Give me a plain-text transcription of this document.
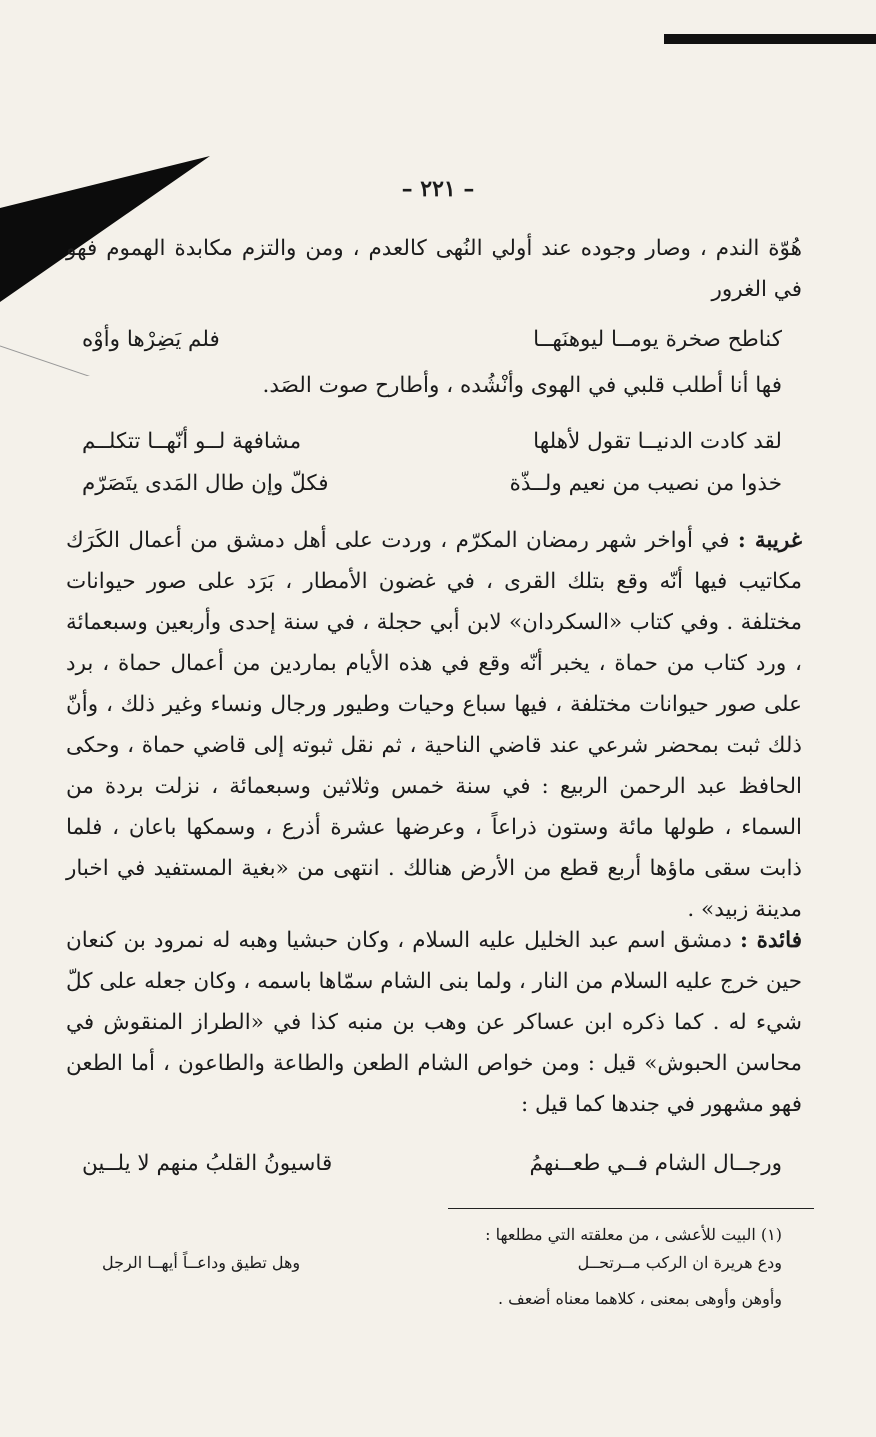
– ٢٢١ –
هُوّة الندم ، وصار وجوده عند أولي النُهى كالعدم ، ومن والتزم مكابدة الهموم فهو في الغرور
كناطح صخرة يومــا ليوهنَهــا
فلم يَضِرْها وأوْه
فها أنا أطلب قلبي في الهوى وأنْشُده ، وأطارح صوت الصَد.
لقد كادت الدنيــا تقول لأهلها
مشافهة لــو أنّهــا تتكلــم
خذوا من نصيب من نعيم ولــذّة
فكلّ وإن طال المَدى يتَصَرّم
غريبة : في أواخر شهر رمضان المكرّم ، وردت على أهل دمشق من أعمال الكَرَك مكاتيب فيها أنّه وقع بتلك القرى ، في غضون الأمطار ، بَرَد على صور حيوانات مختلفة . وفي كتاب «السكردان» لابن أبي حجلة ، في سنة إحدى وأربعين وسبعمائة ، ورد كتاب من حماة ، يخبر أنّه وقع في هذه الأيام بماردين من أعمال حماة ، برد على صور حيوانات مختلفة ، فيها سباع وحيات وطيور ورجال ونساء وغير ذلك ، وأنّ ذلك ثبت بمحضر شرعي عند قاضي الناحية ، ثم نقل ثبوته إلى قاضي حماة ، وحكى الحافظ عبد الرحمن الربيع : في سنة خمس وثلاثين وسبعمائة ، نزلت بردة من السماء ، طولها مائة وستون ذراعاً ، وعرضها عشرة أذرع ، وسمكها باعان ، فلما ذابت سقى ماؤها أربع قطع من الأرض هنالك . انتهى من «بغية المستفيد في اخبار مدينة زبيد» .
فائدة : دمشق اسم عبد الخليل عليه السلام ، وكان حبشيا وهبه له نمرود بن كنعان حين خرج عليه السلام من النار ، ولما بنى الشام سمّاها باسمه ، وكان جعله على كلّ شيء له . كما ذكره ابن عساكر عن وهب بن منبه كذا في «الطراز المنقوش في محاسن الحبوش» قيل : ومن خواص الشام الطعن والطاعة والطاعون ، أما الطعن فهو مشهور في جندها كما قيل :
ورجــال الشام فــي طعــنهمُ
قاسيونُ القلبُ منهم لا يلــين
(١) البيت للأعشى ، من معلقته التي مطلعها :
ودع هريرة ان الركب مــرتحــل
وهل تطيق وداعــاً أيهــا الرجل
وأوهن وأوهى بمعنى ، كلاهما معناه أضعف .
